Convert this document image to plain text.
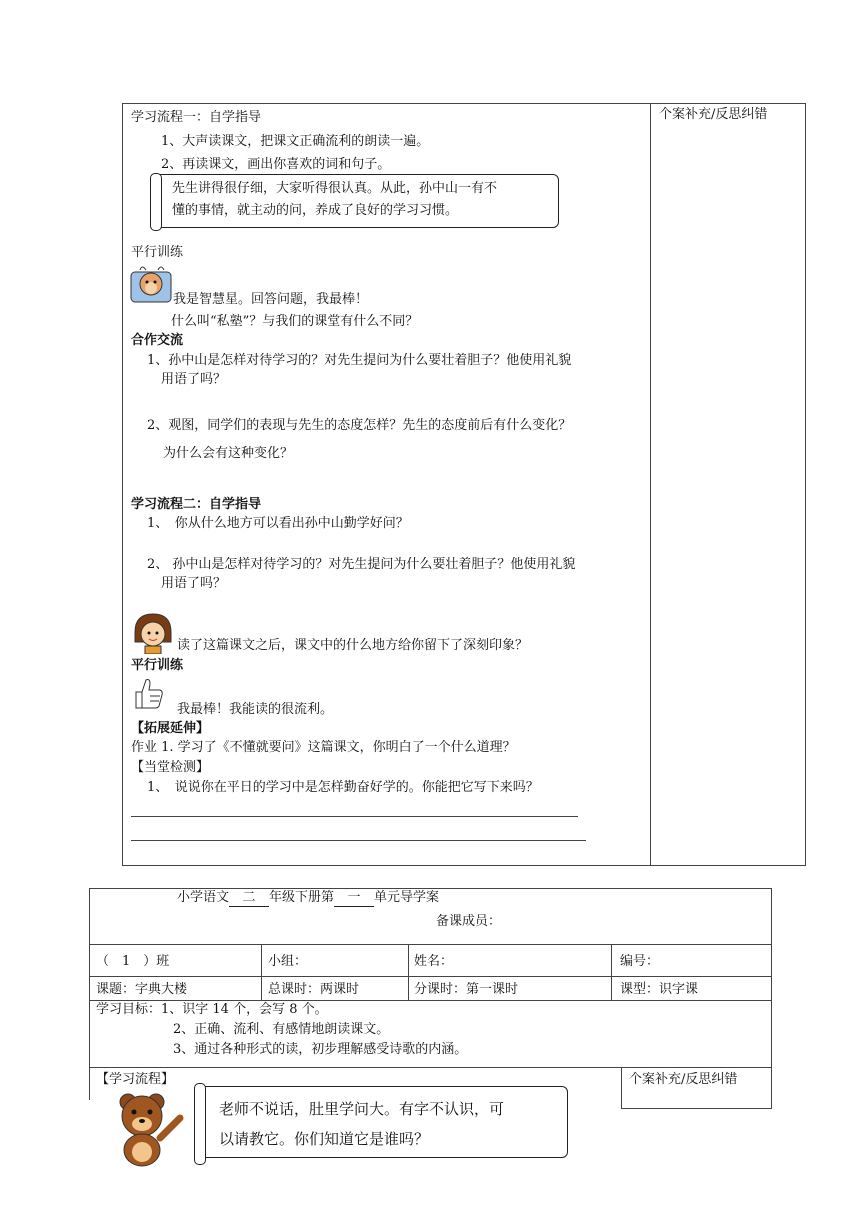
个案补充/反思纠错
学习流程一：自学指导
1、大声读课文，把课文正确流利的朗读一遍。
2、再读课文，画出你喜欢的词和句子。
先生讲得很仔细，大家听得很认真。从此，孙中山一有不
懂的事情，就主动的问，养成了良好的学习习惯。
平行训练
我是智慧星。回答问题，我最棒！
什么叫“私塾”？与我们的课堂有什么不同？
合作交流
1、孙中山是怎样对待学习的？对先生提问为什么要壮着胆子？他使用礼貌
用语了吗？
2、观图，同学们的表现与先生的态度怎样？先生的态度前后有什么变化？
为什么会有这种变化？
学习流程二：自学指导
1、　你从什么地方可以看出孙中山勤学好问？
2、 孙中山是怎样对待学习的？对先生提问为什么要壮着胆子？他使用礼貌
用语了吗？
读了这篇课文之后，课文中的什么地方给你留下了深刻印象？
平行训练
我最棒！我能读的很流利。
【拓展延伸】
作业 1. 学习了《不懂就要问》这篇课文，你明白了一个什么道理？
【当堂检测】
1、　说说你在平日的学习中是怎样勤奋好学的。你能把它写下来吗？
小学语文 二 年级下册第 一 单元导学案
备课成员：
（　1　）班	小组：	姓名：	编号：
课题：字典大楼	总课时：两课时	分课时：第一课时	课型：识字课
学习目标：1、识字 14 个，会写 8 个。
2、正确、流利、有感情地朗读课文。
3、通过各种形式的读，初步理解感受诗歌的内涵。
【学习流程】	个案补充/反思纠错
老师不说话，肚里学问大。有字不认识，可
以请教它。你们知道它是谁吗？
